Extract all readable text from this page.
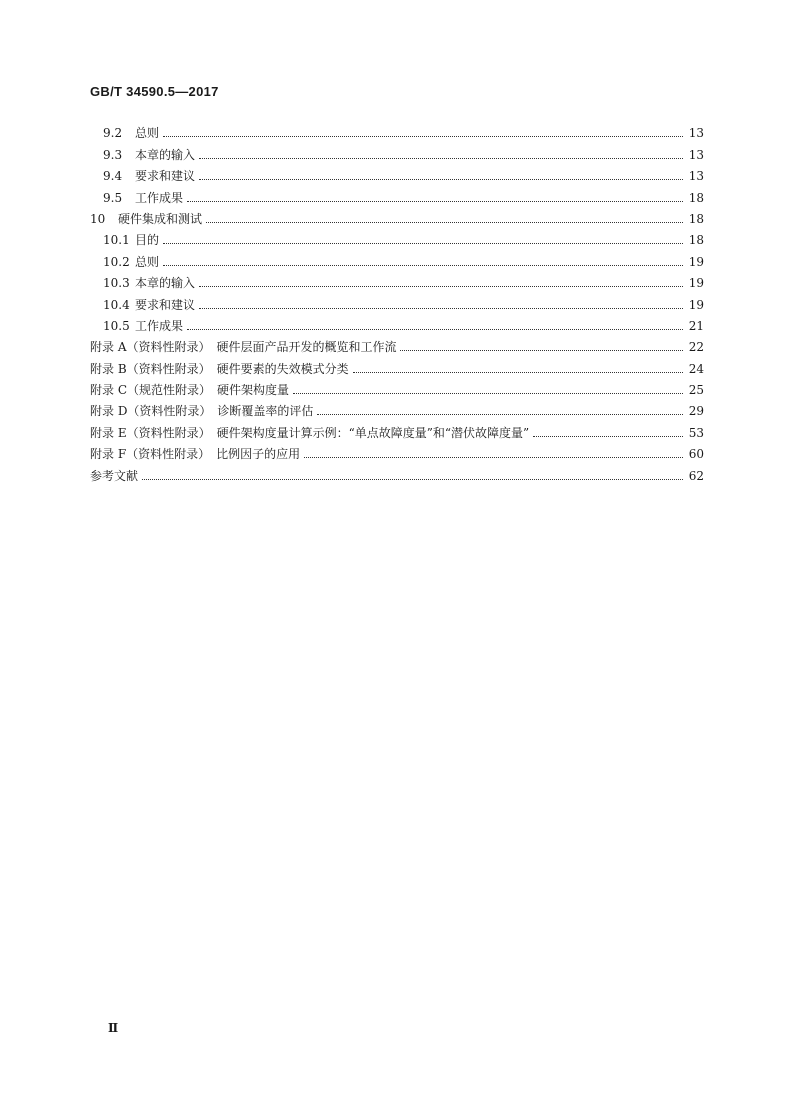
GB/T 34590.5—2017
9.2	总则	13
9.3	本章的输入	13
9.4	要求和建议	13
9.5	工作成果	18
10	硬件集成和测试	18
10.1 目的	18
10.2 总则	19
10.3 本章的输入	19
10.4 要求和建议	19
10.5 工作成果	21
附录 A（资料性附录）　硬件层面产品开发的概览和工作流	22
附录 B（资料性附录）　硬件要素的失效模式分类	24
附录 C（规范性附录）　硬件架构度量	25
附录 D（资料性附录）　诊断覆盖率的评估	29
附录 E（资料性附录）　硬件架构度量计算示例：“单点故障度量”和“潜伏故障度量”	53
附录 F（资料性附录）　比例因子的应用	60
参考文献	62
Ⅱ
